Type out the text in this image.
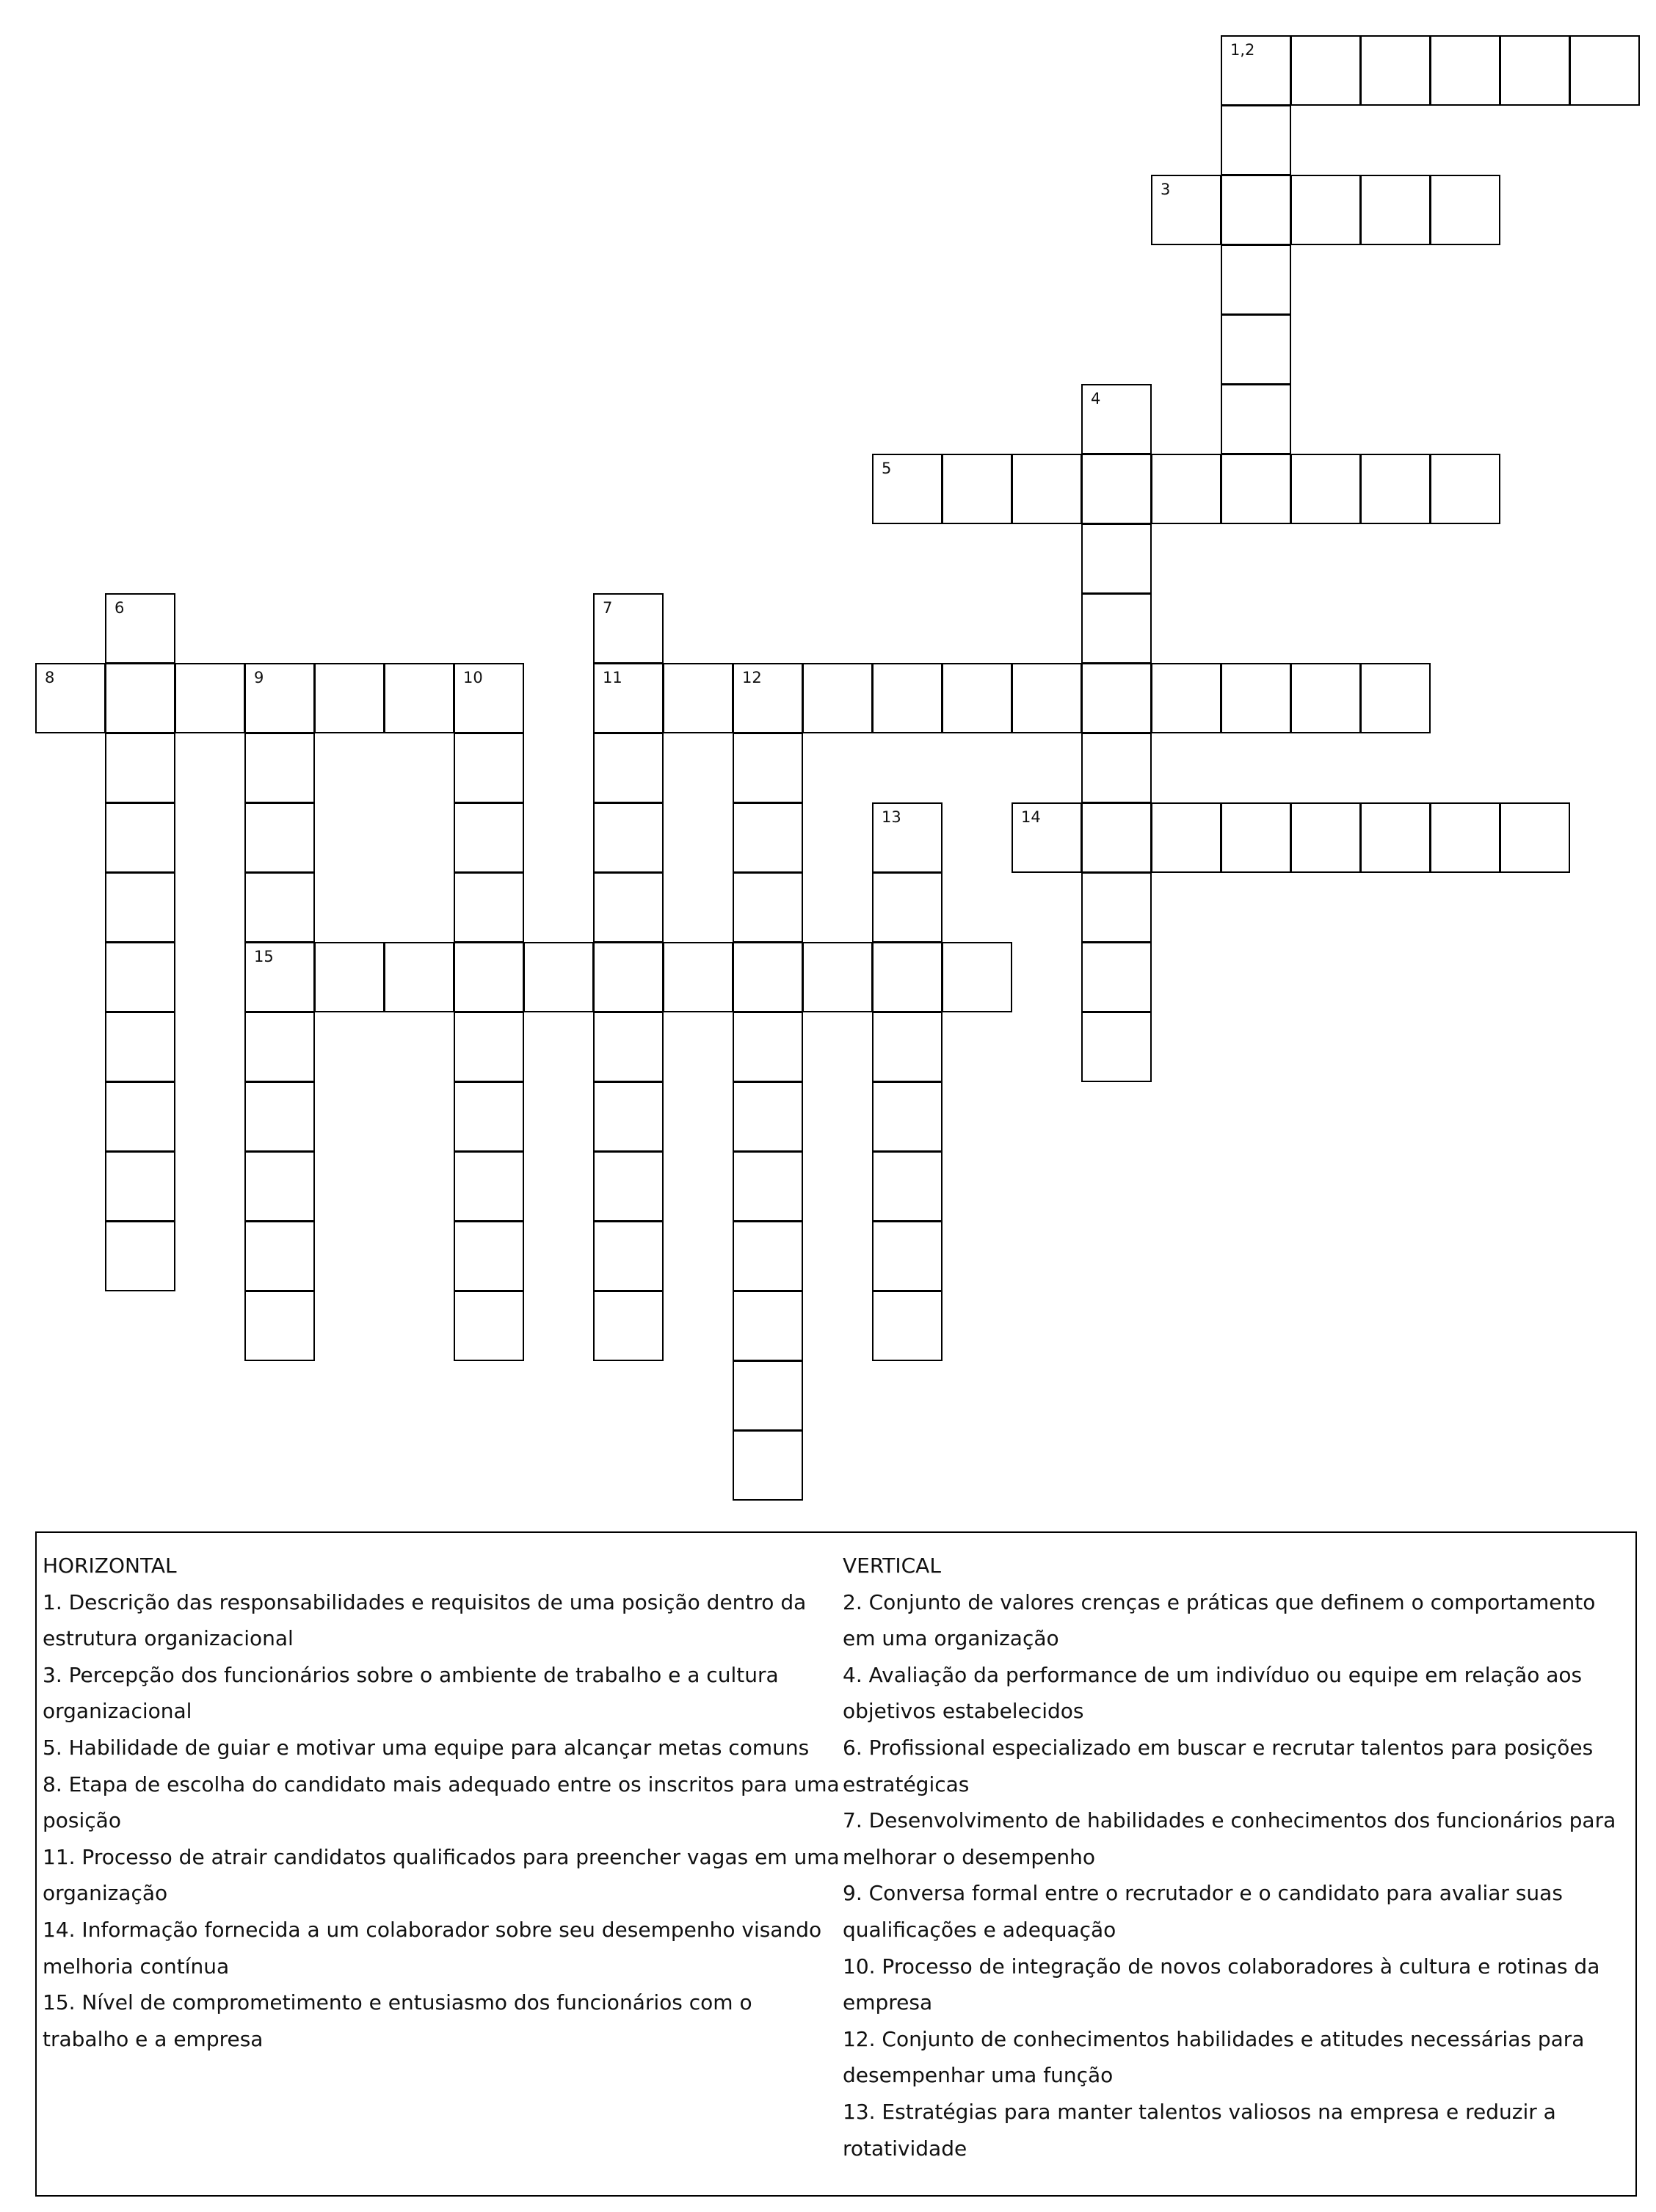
1,2
3
4
5
6	7
11
8	9	10
15
12
13	14

HORIZONTAL

1. Descrição das responsabilidades e requisitos de uma posição dentro da estrutura organizacional

3. Percepção dos funcionários sobre o ambiente de trabalho e a cultura organizacional

5. Habilidade de guiar e motivar uma equipe para alcançar metas comuns

8. Etapa de escolha do candidato mais adequado entre os inscritos para uma posição

11. Processo de atrair candidatos qualificados para preencher vagas em uma organização

14. Informação fornecida a um colaborador sobre seu desempenho visando melhoria contínua

15. Nível de comprometimento e entusiasmo dos funcionários com o trabalho e a empresa

VERTICAL

2. Conjunto de valores crenças e práticas que definem o comportamento em uma organização

4. Avaliação da performance de um indivíduo ou equipe em relação aos objetivos estabelecidos

6. Profissional especializado em buscar e recrutar talentos para posições estratégicas

7. Desenvolvimento de habilidades e conhecimentos dos funcionários para melhorar o desempenho

9. Conversa formal entre o recrutador e o candidato para avaliar suas qualificações e adequação

10. Processo de integração de novos colaboradores à cultura e rotinas da empresa

12. Conjunto de conhecimentos habilidades e atitudes necessárias para desempenhar uma função

13. Estratégias para manter talentos valiosos na empresa e reduzir a rotatividade
